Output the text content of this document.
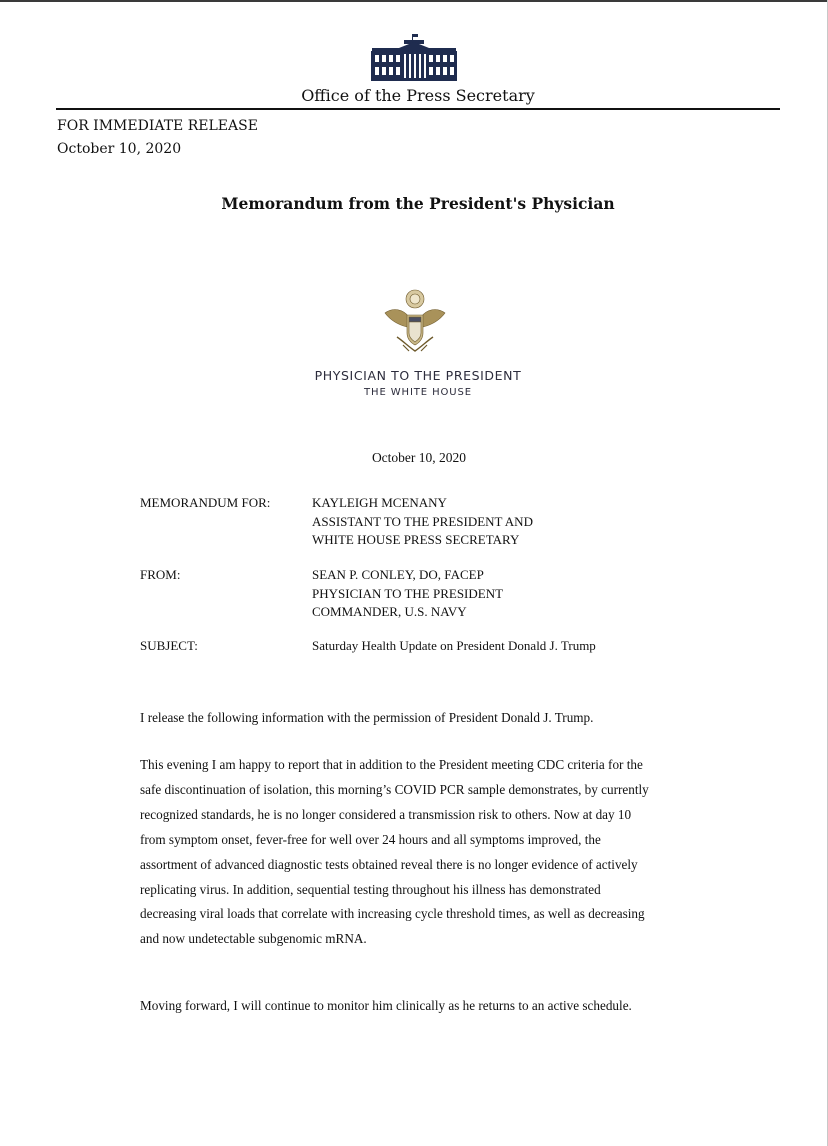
Office of the Press Secretary
FOR IMMEDIATE RELEASE
October 10, 2020
Memorandum from the President's Physician
PHYSICIAN TO THE PRESIDENT
THE WHITE HOUSE
October 10, 2020
MEMORANDUM FOR:	KAYLEIGH MCENANY
ASSISTANT TO THE PRESIDENT AND
WHITE HOUSE PRESS SECRETARY
FROM:	SEAN P. CONLEY, DO, FACEP
PHYSICIAN TO THE PRESIDENT
COMMANDER, U.S. NAVY
SUBJECT:	Saturday Health Update on President Donald J. Trump
I release the following information with the permission of President Donald J. Trump.
This evening I am happy to report that in addition to the President meeting CDC criteria for the
safe discontinuation of isolation, this morning’s COVID PCR sample demonstrates, by currently
recognized standards, he is no longer considered a transmission risk to others. Now at day 10
from symptom onset, fever-free for well over 24 hours and all symptoms improved, the
assortment of advanced diagnostic tests obtained reveal there is no longer evidence of actively
replicating virus. In addition, sequential testing throughout his illness has demonstrated
decreasing viral loads that correlate with increasing cycle threshold times, as well as decreasing
and now undetectable subgenomic mRNA.
Moving forward, I will continue to monitor him clinically as he returns to an active schedule.
